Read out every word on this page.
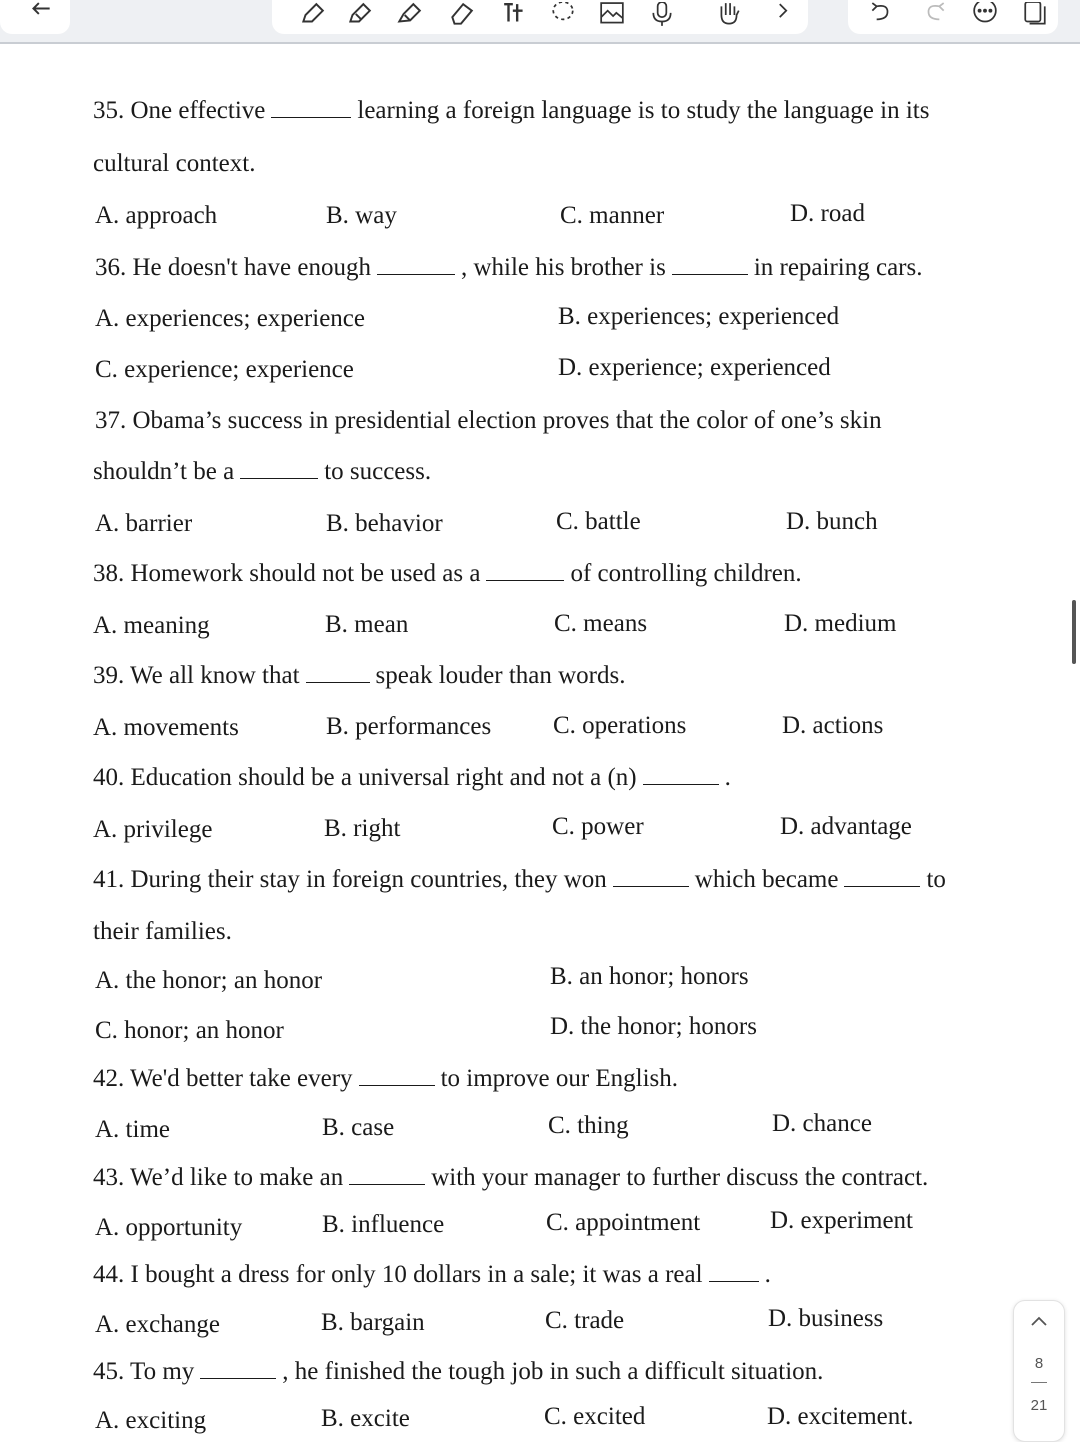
35. One effective	learning a foreign language is to study the language in its
cultural context.
A. approach	B. way	C. manner	D. road
36. He doesn't have enough	, while his brother is	in repairing cars.
A. experiences; experience	B. experiences; experienced
C. experience; experience	D. experience; experienced
37. Obama’s success in presidential election proves that the color of one’s skin
shouldn’t be a	to success.
A. barrier	B. behavior	C. battle	D. bunch
38. Homework should not be used as a	of controlling children.
A. meaning	B. mean	C. means	D. medium
39. We all know that	speak louder than words.
A. movements	B. performances C. operations	D. actions
40. Education should be a universal right and not a (n)	.
A. privilege	B. right	C. power	D. advantage
41. During their stay in foreign countries, they won	which became	to
their families.
A. the honor; an honor	B. an honor; honors
C. honor; an honor	D. the honor; honors
42. We'd better take every	to improve our English.
A. time	B. case	C. thing	D. chance
43. We’d like to make an	with your manager to further discuss the contract.
A. opportunity	B. influence	C. appointment	D. experiment
44. I bought a dress for only 10 dollars in a sale; it was a real .
A. exchange	B. bargain	C. trade	D. business
45. To my	, he finished the tough job in such a difficult situation.
A. exciting	B. excite	C. excited	D. excitement.
8
21
